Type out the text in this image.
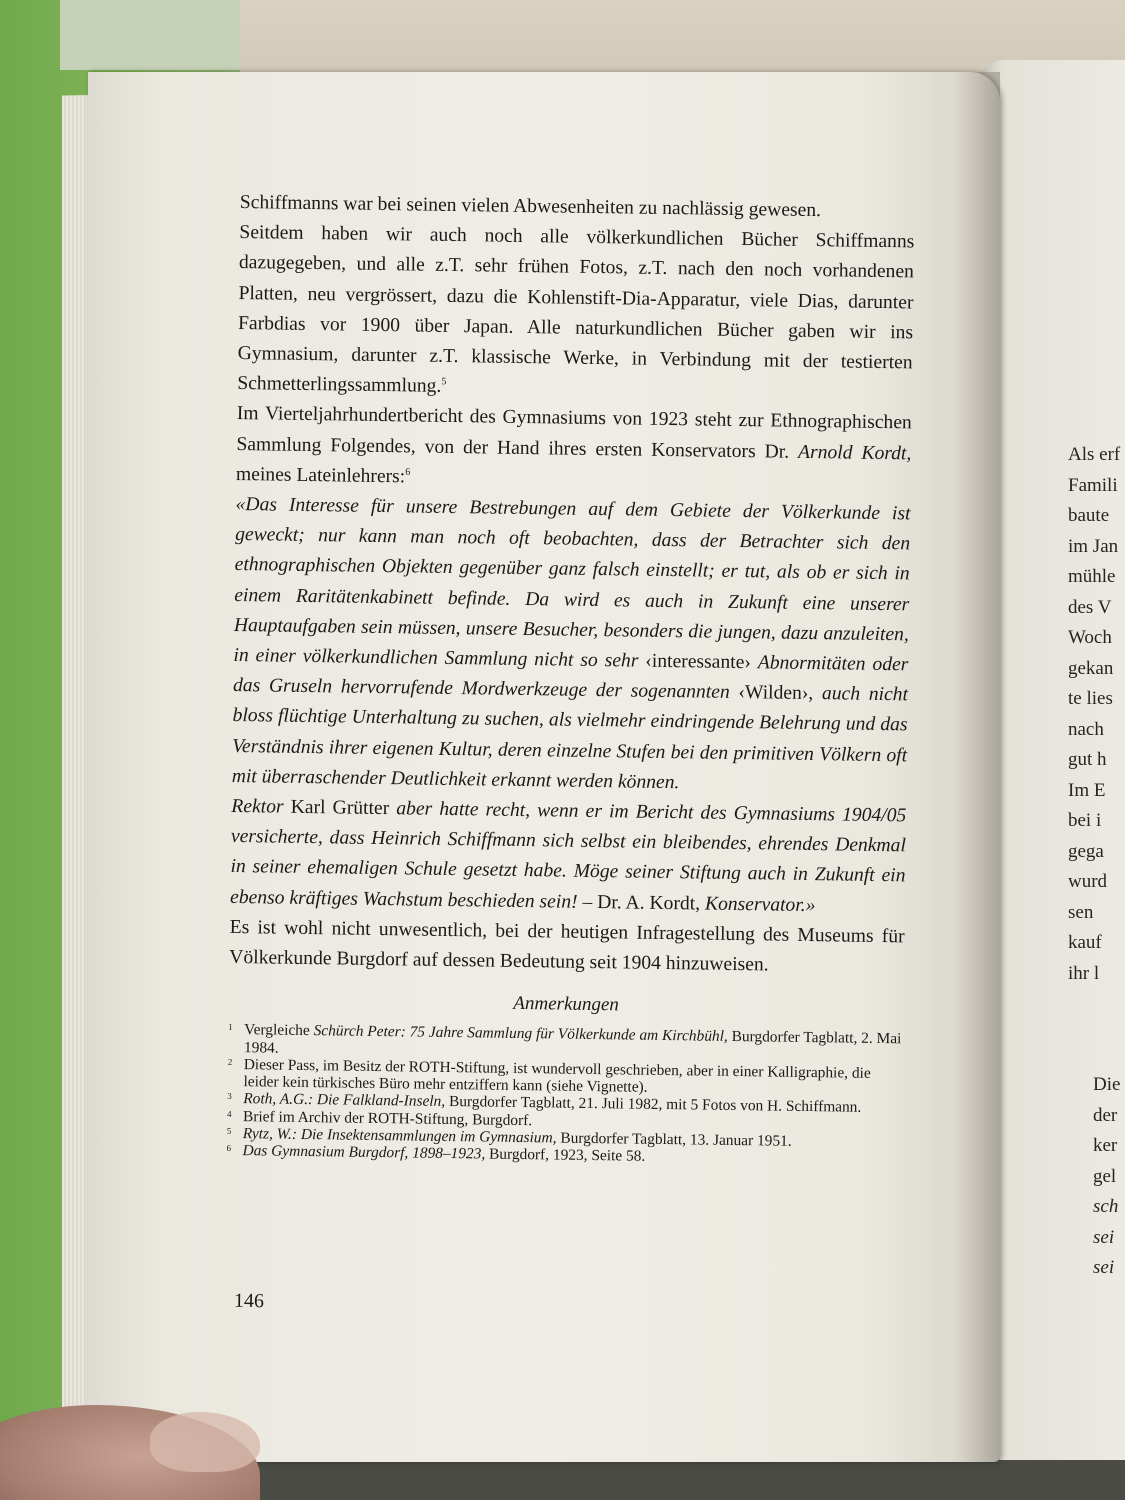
Als erf
Famili
baute
im Jan
mühle
des V
Woch
gekan
te lies
nach
gut h
Im E
bei i
gega
wurd
sen
kauf
ihr l
Die
der
ker
gel
sch
sei
sei

Schiffmanns war bei seinen vielen Abwesenheiten zu nachlässig gewesen.

Seitdem haben wir auch noch alle völkerkundlichen Bücher Schiffmanns dazugegeben, und alle z.T. sehr frühen Fotos, z.T. nach den noch vorhandenen Platten, neu vergrössert, dazu die Kohlenstift-Dia-Apparatur, viele Dias, darunter Farbdias vor 1900 über Japan. Alle naturkundlichen Bücher gaben wir ins Gymnasium, darunter z.T. klassische Werke, in Verbindung mit der testierten Schmetterlingssammlung.$^5$

Im Vierteljahrhundertbericht des Gymnasiums von 1923 steht zur Ethnographischen Sammlung Folgendes, von der Hand ihres ersten Konservators Dr. Arnold Kordt, meines Lateinlehrers:$^6$

«Das Interesse für unsere Bestrebungen auf dem Gebiete der Völkerkunde ist geweckt; nur kann man noch oft beobachten, dass der Betrachter sich den ethnographischen Objekten gegenüber ganz falsch einstellt; er tut, als ob er sich in einem Raritätenkabinett befinde. Da wird es auch in Zukunft eine unserer Hauptaufgaben sein müssen, unsere Besucher, besonders die jungen, dazu anzuleiten, in einer völkerkundlichen Sammlung nicht so sehr ‹interessante› Abnormitäten oder das Gruseln hervorrufende Mordwerkzeuge der sogenannten ‹Wilden›, auch nicht bloss flüchtige Unterhaltung zu suchen, als vielmehr eindringende Belehrung und das Verständnis ihrer eigenen Kultur, deren einzelne Stufen bei den primitiven Völkern oft mit überraschender Deutlichkeit erkannt werden können.

Rektor Karl Grütter aber hatte recht, wenn er im Bericht des Gymnasiums 1904/05 versicherte, dass Heinrich Schiffmann sich selbst ein bleibendes, ehrendes Denkmal in seiner ehemaligen Schule gesetzt habe. Möge seiner Stiftung auch in Zukunft ein ebenso kräftiges Wachstum beschieden sein! – Dr. A. Kordt, Konservator.»

Es ist wohl nicht unwesentlich, bei der heutigen Infragestellung des Museums für Völkerkunde Burgdorf auf dessen Bedeutung seit 1904 hinzuweisen.

Anmerkungen
1 Vergleiche Schürch Peter: 75 Jahre Sammlung für Völkerkunde am Kirchbühl, Burgdorfer Tagblatt, 2. Mai 1984.
2 Dieser Pass, im Besitz der ROTH-Stiftung, ist wundervoll geschrieben, aber in einer Kalligraphie, die leider kein türkisches Büro mehr entziffern kann (siehe Vignette).
3 Roth, A.G.: Die Falkland-Inseln, Burgdorfer Tagblatt, 21. Juli 1982, mit 5 Fotos von H. Schiffmann.
4 Brief im Archiv der ROTH-Stiftung, Burgdorf.
5 Rytz, W.: Die Insektensammlungen im Gymnasium, Burgdorfer Tagblatt, 13. Januar 1951.
6 Das Gymnasium Burgdorf, 1898–1923, Burgdorf, 1923, Seite 58.
146
